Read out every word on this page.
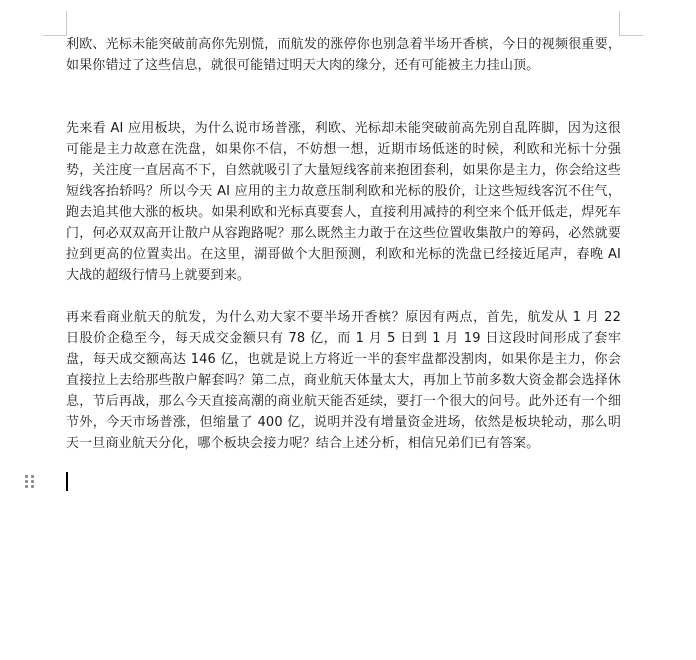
利欧、光标未能突破前高你先别慌，而航发的涨停你也别急着半场开香槟，今日的视频很重要，如果你错过了这些信息，就很可能错过明天大肉的缘分，还有可能被主力挂山顶。

先来看 AI 应用板块，为什么说市场普涨，利欧、光标却未能突破前高先别自乱阵脚，因为这很可能是主力故意在洗盘，如果你不信，不妨想一想，近期市场低迷的时候，利欧和光标十分强势，关注度一直居高不下，自然就吸引了大量短线客前来抱团套利，如果你是主力，你会给这些短线客抬轿吗？所以今天 AI 应用的主力故意压制利欧和光标的股价，让这些短线客沉不住气，跑去追其他大涨的板块。如果利欧和光标真要套人，直接利用减持的利空来个低开低走，焊死车门，何必双双高开让散户从容跑路呢？那么既然主力敢于在这些位置收集散户的筹码，必然就要拉到更高的位置卖出。在这里，湖哥做个大胆预测，利欧和光标的洗盘已经接近尾声，春晚 AI 大战的超级行情马上就要到来。

再来看商业航天的航发，为什么劝大家不要半场开香槟？原因有两点，首先，航发从 1 月 22 日股价企稳至今，每天成交金额只有 78 亿，而 1 月 5 日到 1 月 19 日这段时间形成了套牢盘，每天成交额高达 146 亿，也就是说上方将近一半的套牢盘都没割肉，如果你是主力，你会直接拉上去给那些散户解套吗？第二点，商业航天体量太大，再加上节前多数大资金都会选择休息，节后再战，那么今天直接高潮的商业航天能否延续，要打一个很大的问号。此外还有一个细节外，今天市场普涨，但缩量了 400 亿，说明并没有增量资金进场，依然是板块轮动，那么明天一旦商业航天分化，哪个板块会接力呢？结合上述分析，相信兄弟们已有答案。
